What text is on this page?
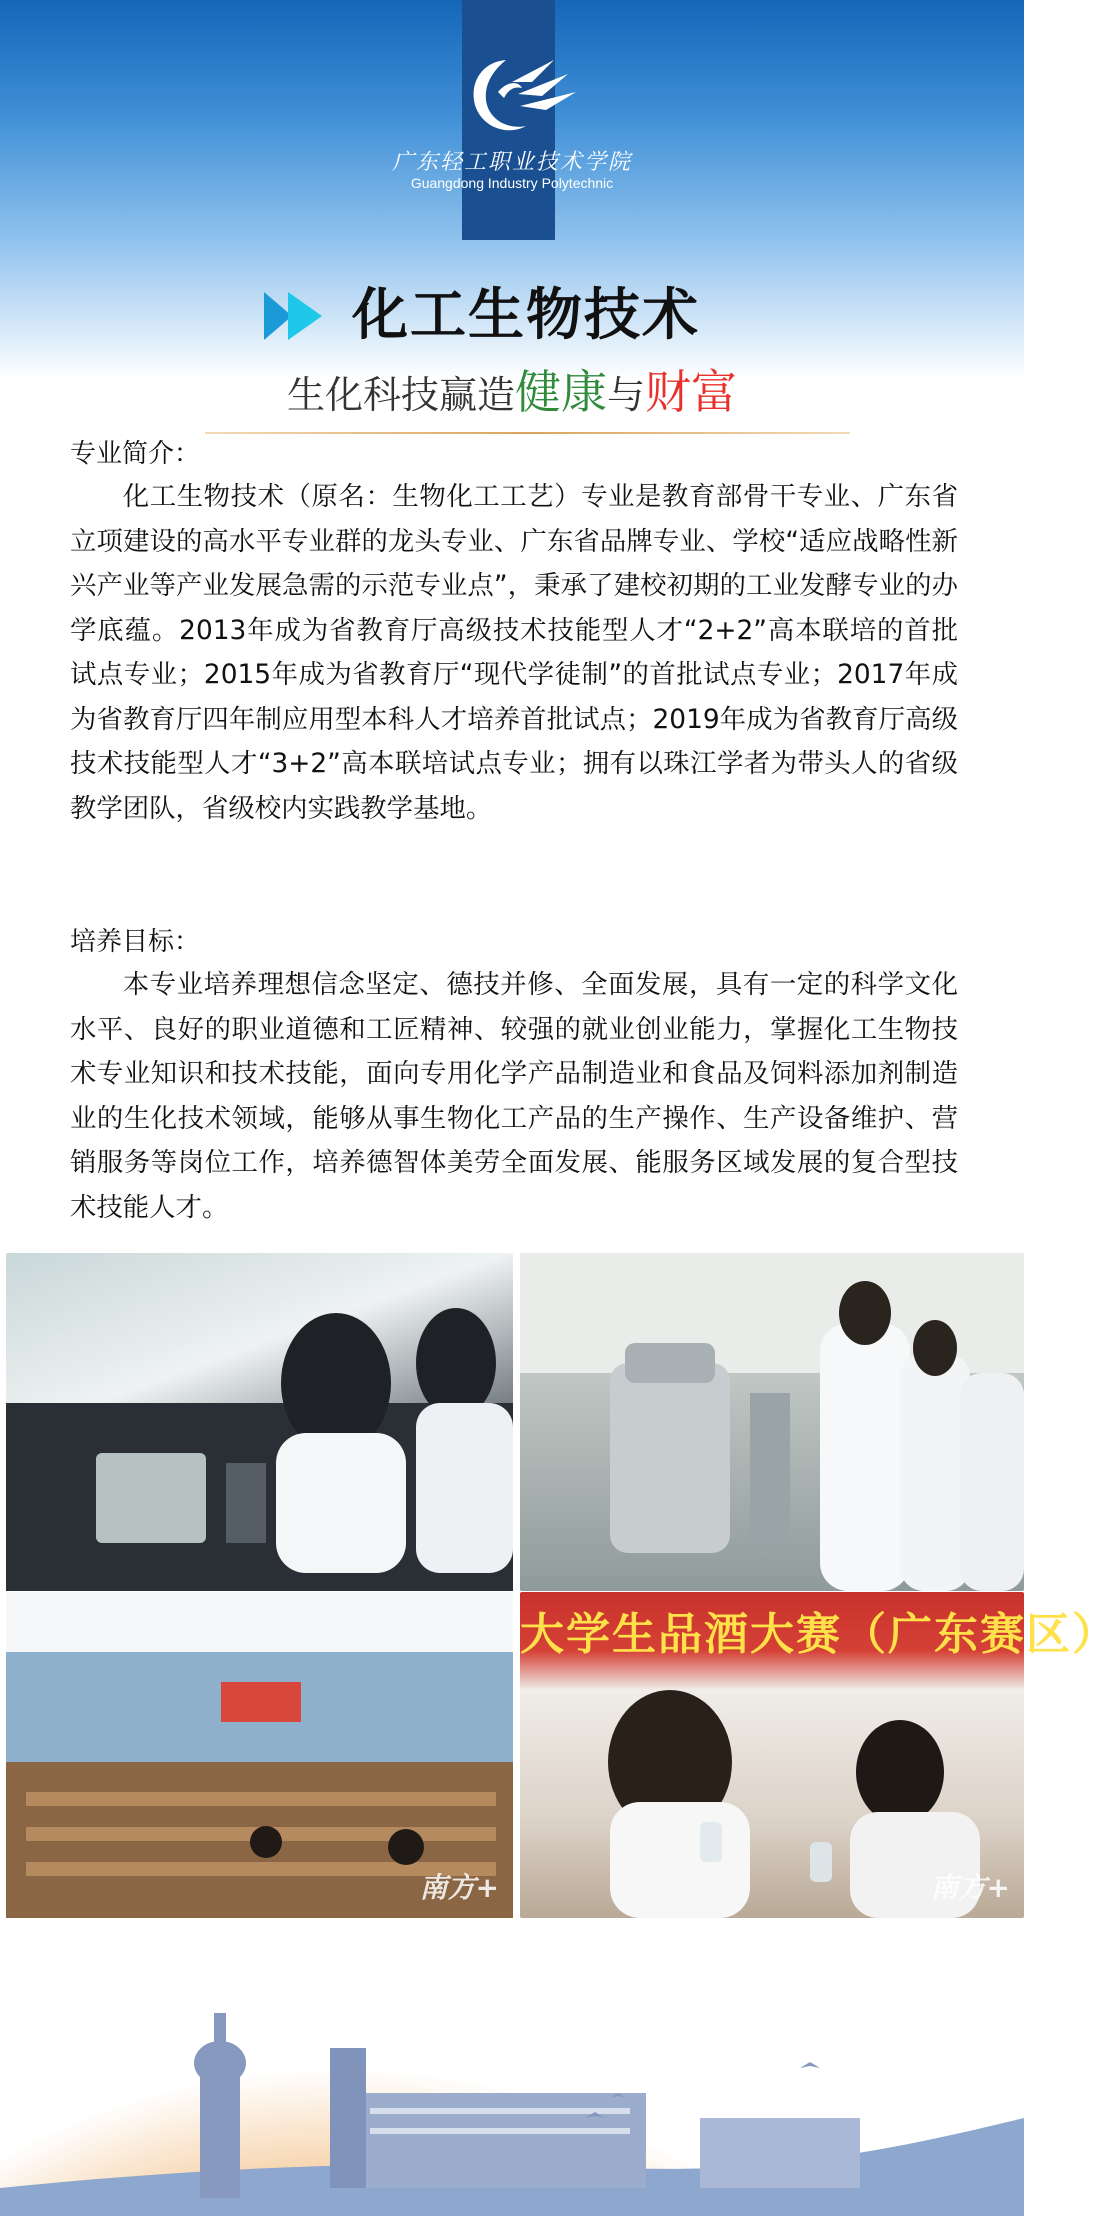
广东轻工职业技术学院
Guangdong Industry Polytechnic
化工生物技术
生化科技赢造健康与财富
专业简介：

化工生物技术（原名：生物化工工艺）专业是教育部骨干专业、广东省立项建设的高水平专业群的龙头专业、广东省品牌专业、学校“适应战略性新兴产业等产业发展急需的示范专业点”，秉承了建校初期的工业发酵专业的办学底蕴。2013年成为省教育厅高级技术技能型人才“2+2”高本联培的首批试点专业；2015年成为省教育厅“现代学徒制”的首批试点专业；2017年成为省教育厅四年制应用型本科人才培养首批试点；2019年成为省教育厅高级技术技能型人才“3+2”高本联培试点专业；拥有以珠江学者为带头人的省级教学团队，省级校内实践教学基地。

培养目标：

本专业培养理想信念坚定、德技并修、全面发展，具有一定的科学文化水平、良好的职业道德和工匠精神、较强的就业创业能力，掌握化工生物技术专业知识和技术技能，面向专用化学产品制造业和食品及饲料添加剂制造业的生化技术领域，能够从事生物化工产品的生产操作、生产设备维护、营销服务等岗位工作，培养德智体美劳全面发展、能服务区域发展的复合型技术技能人才。

南方+
大学生品酒大赛（广东赛区）
南方+
